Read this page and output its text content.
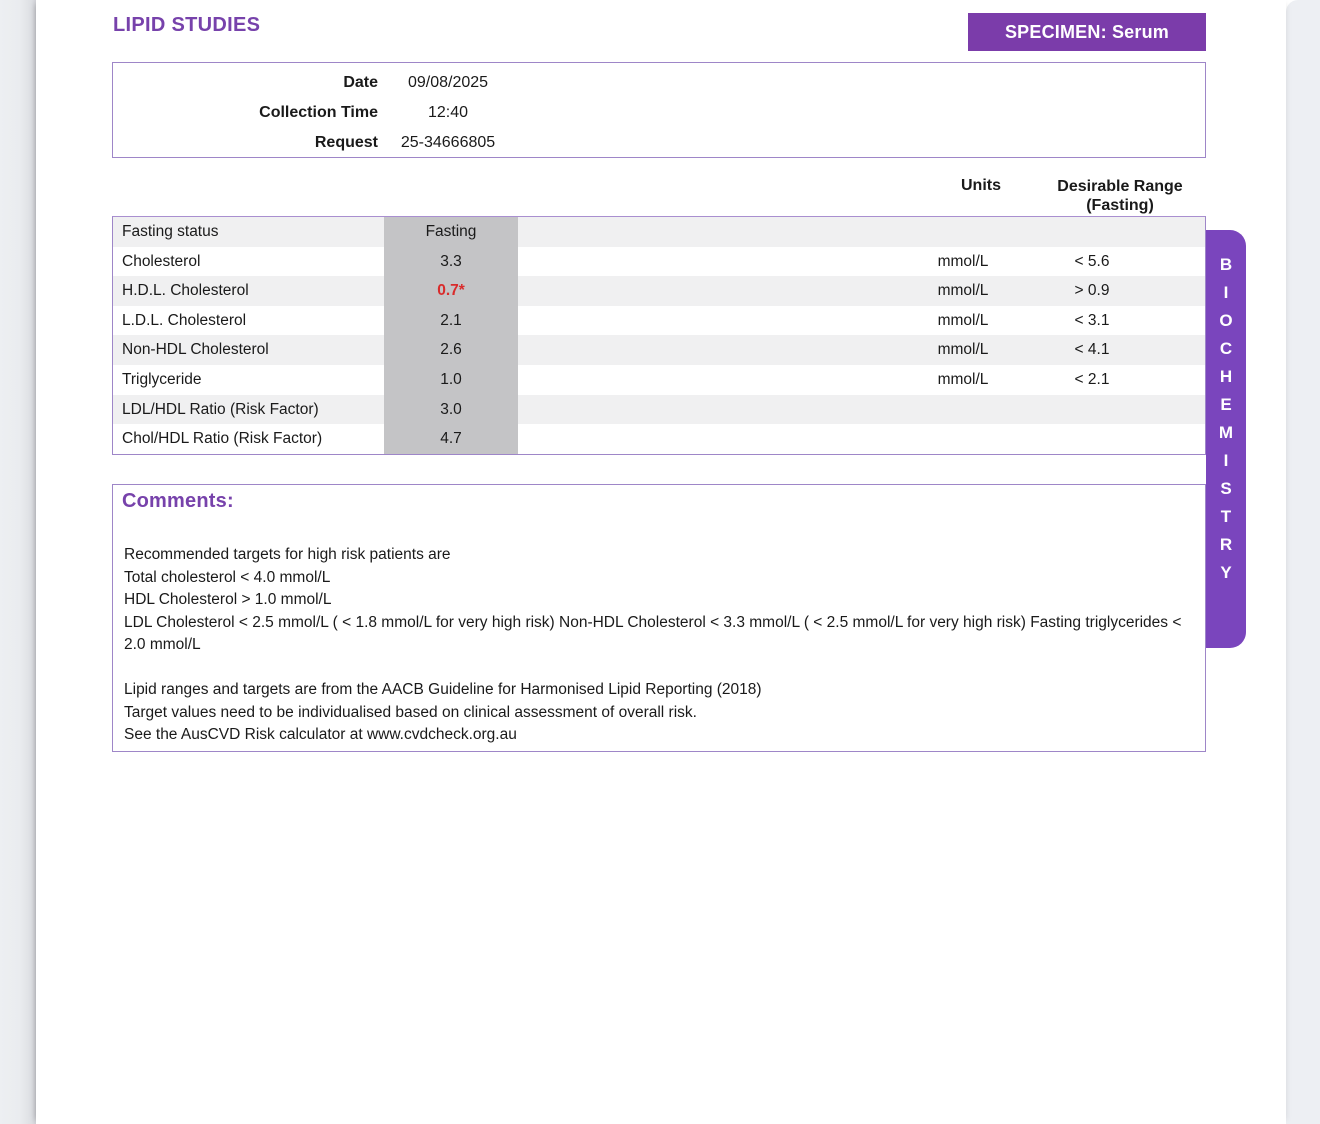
LIPID STUDIES	SPECIMEN: Serum
Date	09/08/2025
Collection Time	12:40
Request	25-34666805
Units	Desirable Range
(Fasting)
Fasting status	Fasting
Cholesterol	3.3	mmol/L	< 5.6
H.D.L. Cholesterol	0.7*	mmol/L	> 0.9
L.D.L. Cholesterol	2.1	mmol/L	< 3.1
Non-HDL Cholesterol	2.6	mmol/L	< 4.1
Triglyceride	1.0	mmol/L	< 2.1
LDL/HDL Ratio (Risk Factor)	3.0
Chol/HDL Ratio (Risk Factor)	4.7
Comments:
Recommended targets for high risk patients are
Total cholesterol < 4.0 mmol/L
HDL Cholesterol > 1.0 mmol/L
LDL Cholesterol < 2.5 mmol/L ( < 1.8 mmol/L for very high risk) Non-HDL Cholesterol < 3.3 mmol/L ( < 2.5 mmol/L for very high risk) Fasting triglycerides < 2.0 mmol/L
Lipid ranges and targets are from the AACB Guideline for Harmonised Lipid Reporting (2018)
Target values need to be individualised based on clinical assessment of overall risk.
See the AusCVD Risk calculator at www.cvdcheck.org.au
B
I
O
C
H
E
M
I
S
T
R
Y
